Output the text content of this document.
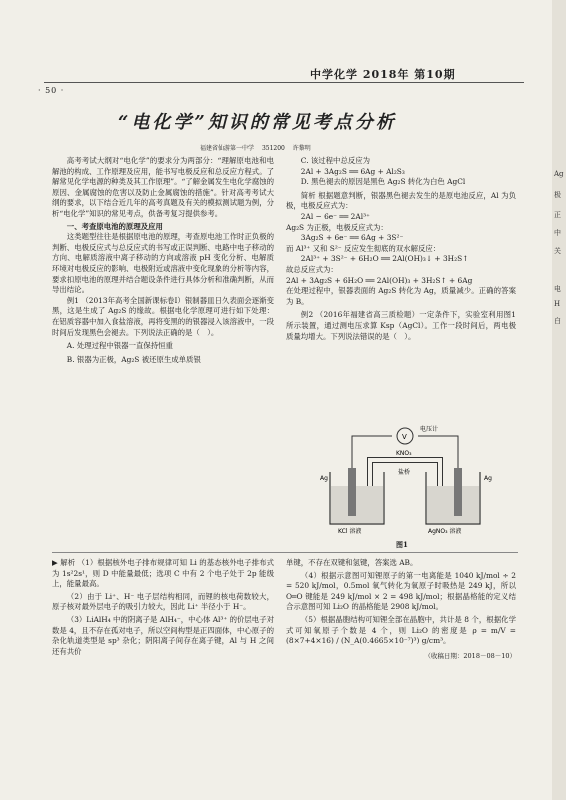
· 50 ·
中学化学 2018年 第10期
“电化学”知识的常见考点分析
福建省仙游第一中学 351200 许黎明

高考考试大纲对“电化学”的要求分为两部分：“理解原电池和电解池的构成、工作原理及应用，能书写电极反应和总反应方程式。了解常见化学电源的种类及其工作原理”。“了解金属发生电化学腐蚀的原因、金属腐蚀的危害以及防止金属腐蚀的措施”。针对高考考试大纲的要求，以下结合近几年的高考真题及有关的模拟测试题为例，分析“电化学”知识的常见考点，供备考复习提供参考。

一、考查原电池的原理及应用

这类题型往往是根据原电池的原理，考查原电池工作时正负极的判断、电极反应式与总反应式的书写或正误判断、电路中电子移动的方向、电解质溶液中离子移动的方向或溶液 pH 变化分析、电解质环境对电极反应的影响、电极附近或溶液中变化现象的分析等内容，要求扣原电池的原理并结合题设条件进行具体分析和准确判断，从而导出结论。

例1 （2013年高考全国新课标卷Ⅰ）银制器皿日久表面会逐渐变黑，这是生成了 Ag₂S 的缘故。根据电化学原理可进行如下处理：在铝质容器中加入食盐溶液，再将变黑的的银器浸入该溶液中，一段时间后发现黑色会褪去。下列说法正确的是（　）。

A. 处理过程中银器一直保持恒重

B. 银器为正极，Ag₂S 被还原生成单质银

C. 该过程中总反应为

2Al + 3Ag₂S ══ 6Ag + Al₂S₃

D. 黑色褪去的原因是黑色 Ag₂S 转化为白色 AgCl

简析 根据题意判断，银器黑色褪去发生的是原电池反应，Al 为负极，电极反应式为：

2Al − 6e⁻ ══ 2Al³⁺

Ag₂S 为正极，电极反应式为：

3Ag₂S + 6e⁻ ══ 6Ag + 3S²⁻

而 Al³⁺ 又和 S²⁻ 反应发生彻底的双水解反应：

2Al³⁺ + 3S²⁻ + 6H₂O ══ 2Al(OH)₃↓ + 3H₂S↑

故总反应式为：

2Al + 3Ag₂S + 6H₂O ══ 2Al(OH)₃ + 3H₂S↑ + 6Ag

在处理过程中，银器表面的 Ag₂S 转化为 Ag，质量减少。正确的答案为 B。

例2 （2016年福建省高三质检题）一定条件下，实验室利用图1所示装置，通过测电压求算 Ksp（AgCl）。工作一段时间后，两电极质量均增大。下列说法错误的是（　）。

V
电压计
KNO₃
Ag	Ag
盐桥
KCl 溶液	AgNO₃ 溶液
图1

▶ 解析 （1）根据核外电子排布规律可知 Li 的基态核外电子排布式为 1s²2s¹，则 D 中能量最低；选项 C 中有 2 个电子处于 2p 能级上，能量最高。

（2）由于 Li⁺、H⁻ 电子层结构相同，而锂的核电荷数较大，原子核对最外层电子的吸引力较大，因此 Li⁺ 半径小于 H⁻。

（3）LiAlH₄ 中的阴离子是 AlH₄⁻，中心体 Al³⁺ 的价层电子对数是 4，且不存在孤对电子，所以空间构型是正四面体，中心原子的杂化轨道类型是 sp³ 杂化；阴阳离子间存在离子键，Al 与 H 之间还有共价

单键，不存在双键和氢键，答案选 AB。

（4）根据示意图可知锂原子的第一电离能是 1040 kJ/mol ÷ 2 = 520 kJ/mol，0.5mol 氧气转化为氧原子时吸热是 249 kJ，所以 O═O 键能是 249 kJ/mol × 2 = 498 kJ/mol；根据晶格能的定义结合示意图可知 Li₂O 的晶格能是 2908 kJ/mol。

（5）根据晶胞结构可知锂全部在晶胞中，共计是 8 个，根据化学式可知氧原子个数是 4 个，则 Li₂O 的密度是 ρ = m/V = (8×7+4×16) / (N_A(0.4665×10⁻⁷)³) g/cm³。

（收稿日期：2018－08－10）

Ag
极
正
中
关
电
H
白
